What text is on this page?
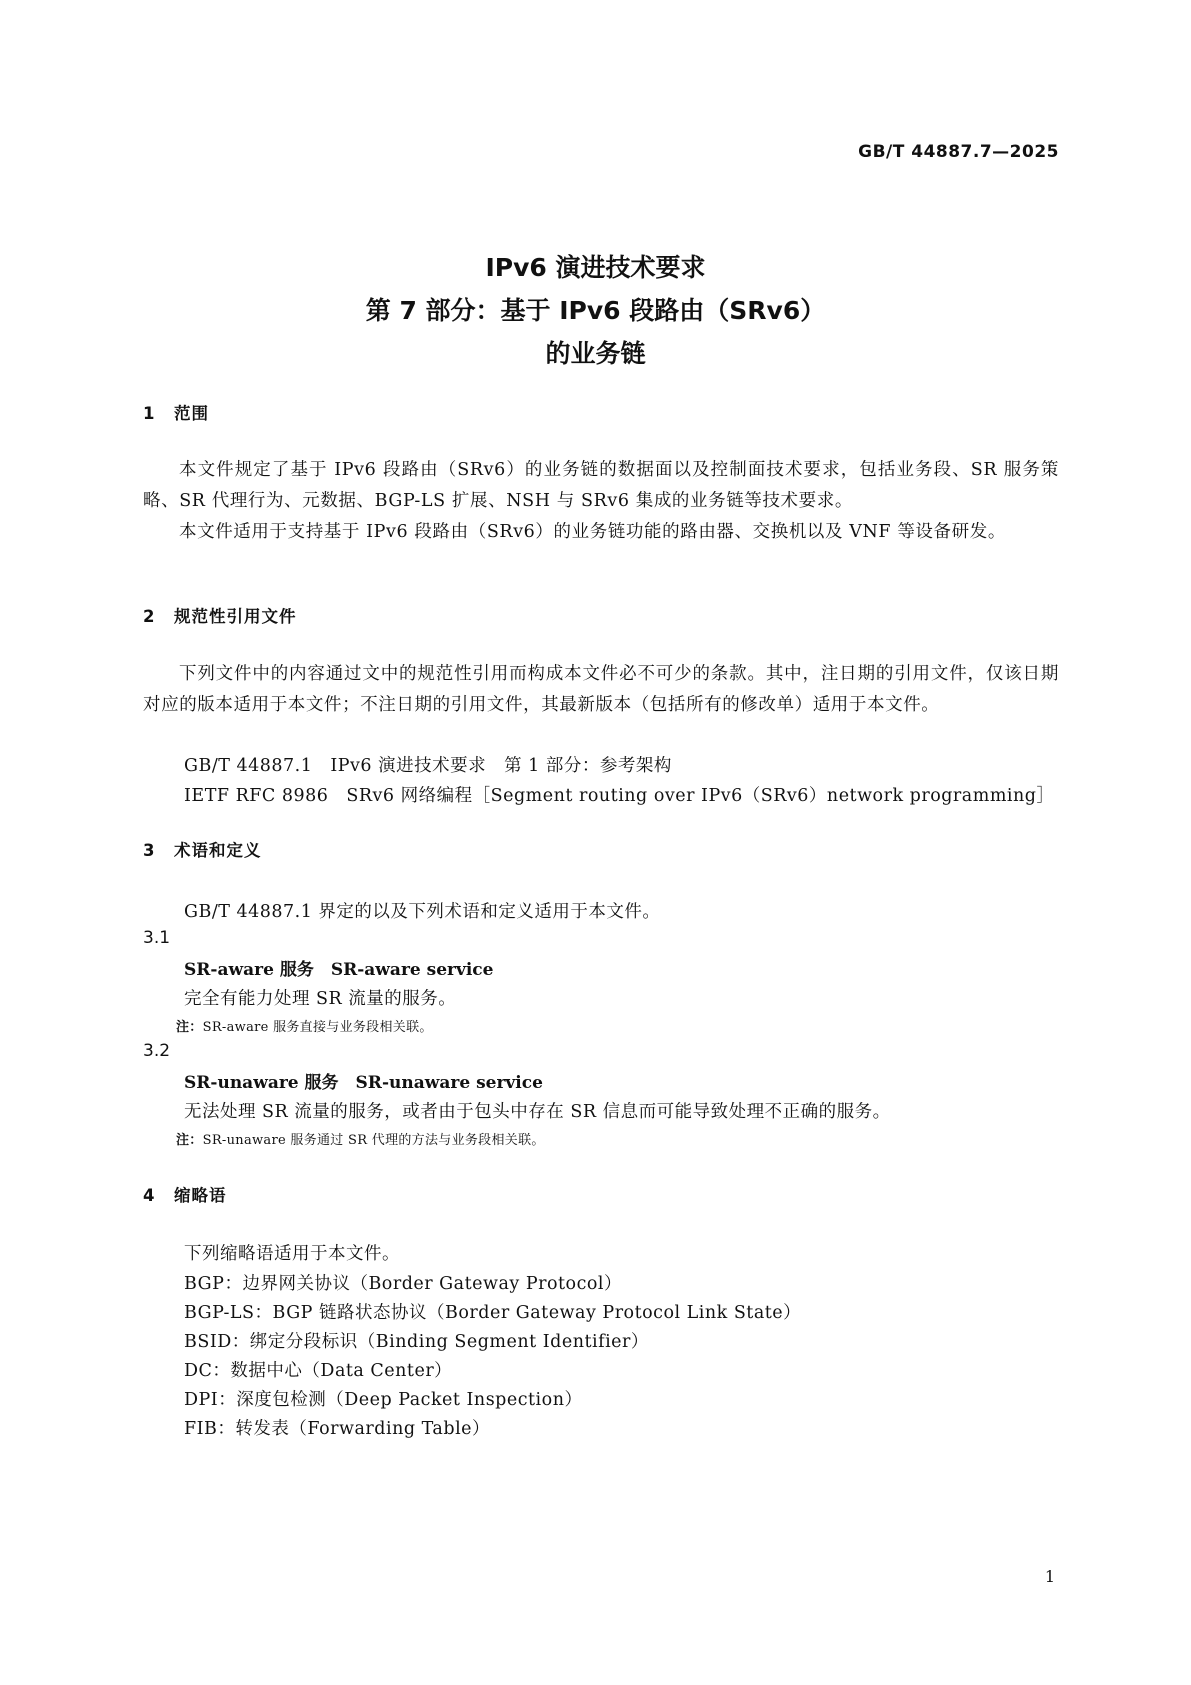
GB/T 44887.7—2025
IPv6 演进技术要求
第 7 部分：基于 IPv6 段路由（SRv6）
的业务链
1 范围
本文件规定了基于 IPv6 段路由（SRv6）的业务链的数据面以及控制面技术要求，包括业务段、SR 服务策略、SR 代理行为、元数据、BGP-LS 扩展、NSH 与 SRv6 集成的业务链等技术要求。
本文件适用于支持基于 IPv6 段路由（SRv6）的业务链功能的路由器、交换机以及 VNF 等设备研发。
2 规范性引用文件
下列文件中的内容通过文中的规范性引用而构成本文件必不可少的条款。其中，注日期的引用文件，仅该日期对应的版本适用于本文件；不注日期的引用文件，其最新版本（包括所有的修改单）适用于本文件。
GB/T 44887.1　IPv6 演进技术要求　第 1 部分：参考架构
IETF RFC 8986　SRv6 网络编程［Segment routing over IPv6（SRv6）network programming］
3 术语和定义
GB/T 44887.1 界定的以及下列术语和定义适用于本文件。
3.1
SR-aware 服务　SR-aware service
完全有能力处理 SR 流量的服务。
注：SR-aware 服务直接与业务段相关联。
3.2
SR-unaware 服务　SR-unaware service
无法处理 SR 流量的服务，或者由于包头中存在 SR 信息而可能导致处理不正确的服务。
注：SR-unaware 服务通过 SR 代理的方法与业务段相关联。
4 缩略语
下列缩略语适用于本文件。
BGP：边界网关协议（Border Gateway Protocol）
BGP-LS：BGP 链路状态协议（Border Gateway Protocol Link State）
BSID：绑定分段标识（Binding Segment Identifier）
DC：数据中心（Data Center）
DPI：深度包检测（Deep Packet Inspection）
FIB：转发表（Forwarding Table）
1
